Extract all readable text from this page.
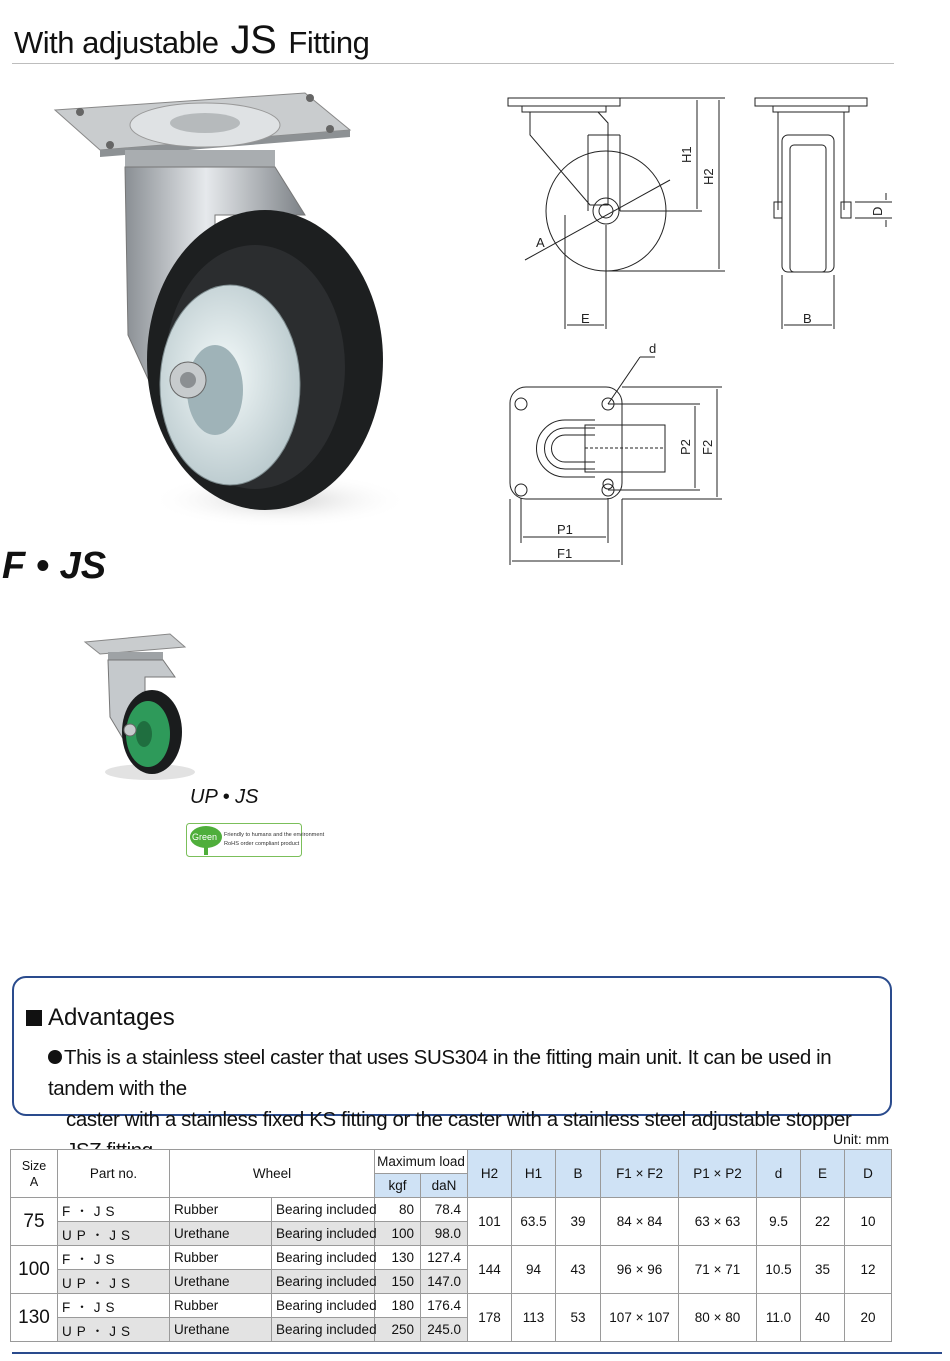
With adjustable JS Fitting
F • JS
UP • JS
Green Friendly to humans and the environment
RoHS order compliant product
H1
H2
A
E	B
D
d
P1
F1
P2 F2
Advantages
This is a stainless steel caster that uses SUS304 in the fitting main unit. It can be used in tandem with the
caster with a stainless fixed KS fitting or the caster with a stainless steel adjustable stopper
Unit: mm
Size
A	Part no.	Wheel		Maximum load		H2	H1	B	F1 × F2	P1 × P2	d	E	D
				kgf	daN								
75	F・JS	Rubber	Bearing included	80	78.4	101	63.5	39	84 × 84	63 × 63	9.5	22	10
	UP・JS	Urethane	Bearing included	100	98.0								
100	F・JS	Rubber	Bearing included	130	127.4	144	94	43	96 × 96	71 × 71	10.5	35	12
	UP・JS	Urethane	Bearing included	150	147.0								
130	F・JS	Rubber	Bearing included	180	176.4	178	113	53	107 × 107	80 × 80	11.0	40	20
	UP・JS	Urethane	Bearing included	250	245.0								
